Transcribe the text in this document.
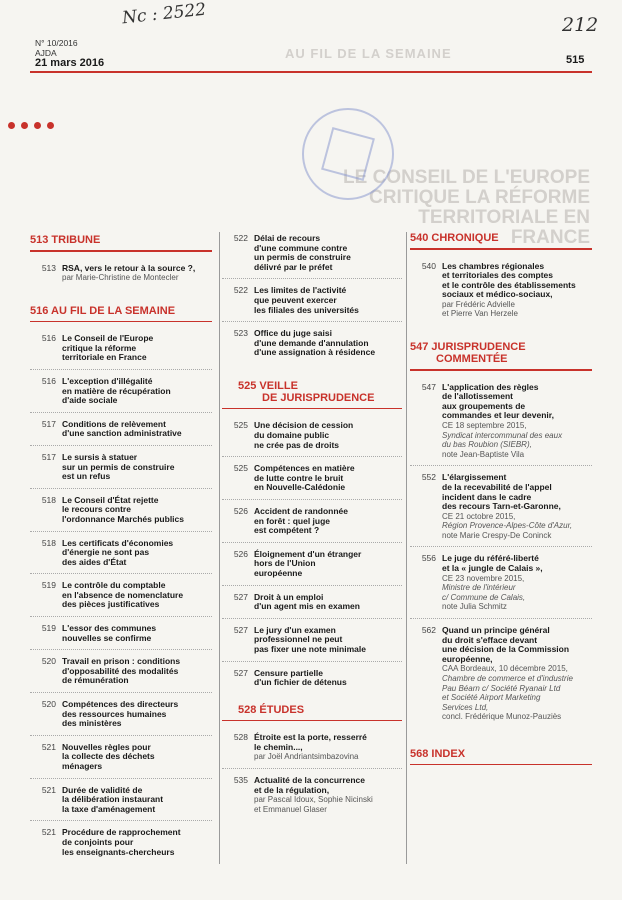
Nc : 2522	212
N° 10/2016
AJDA
21 mars 2016	515
AU FIL DE LA SEMAINE
LE CONSEIL DE L'EUROPE
CRITIQUE LA RÉFORME
TERRITORIALE EN FRANCE
513 TRIBUNE
513 RSA, vers le retour à la source ?,
par Marie-Christine de Montecler
516 AU FIL DE LA SEMAINE
516 Le Conseil de l'Europe
critique la réforme
territoriale en France
516 L'exception d'illégalité
en matière de récupération
d'aide sociale
517 Conditions de relèvement
d'une sanction administrative
517 Le sursis à statuer
sur un permis de construire
est un refus
518 Le Conseil d'État rejette
le recours contre
l'ordonnance Marchés publics
518 Les certificats d'économies
d'énergie ne sont pas
des aides d'État
519 Le contrôle du comptable
en l'absence de nomenclature
des pièces justificatives
519 L'essor des communes
nouvelles se confirme
520 Travail en prison : conditions
d'opposabilité des modalités
de rémunération
520 Compétences des directeurs
des ressources humaines
des ministères
521 Nouvelles règles pour
la collecte des déchets
ménagers
521 Durée de validité de
la délibération instaurant
la taxe d'aménagement
521 Procédure de rapprochement
de conjoints pour
les enseignants-chercheurs
522 Délai de recours
d'une commune contre
un permis de construire
délivré par le préfet
522 Les limites de l'activité
que peuvent exercer
les filiales des universités
523 Office du juge saisi
d'une demande d'annulation
d'une assignation à résidence
525 VEILLE
DE JURISPRUDENCE
525 Une décision de cession
du domaine public
ne crée pas de droits
525 Compétences en matière
de lutte contre le bruit
en Nouvelle-Calédonie
526 Accident de randonnée
en forêt : quel juge
est compétent ?
526 Éloignement d'un étranger
hors de l'Union
européenne
527 Droit à un emploi
d'un agent mis en examen
527 Le jury d'un examen
professionnel ne peut
pas fixer une note minimale
527 Censure partielle
d'un fichier de détenus
528 ÉTUDES
528 Étroite est la porte, resserré
le chemin...,
par Joël Andriantsimbazovina
535 Actualité de la concurrence
et de la régulation,
par Pascal Idoux, Sophie Nicinski
et Emmanuel Glaser
540 CHRONIQUE
540 Les chambres régionales
et territoriales des comptes
et le contrôle des établissements
sociaux et médico-sociaux,
par Frédéric Advielle
et Pierre Van Herzele
547 JURISPRUDENCE
COMMENTÉE
547 L'application des règles
de l'allotissement
aux groupements de
commandes et leur devenir,
CE 18 septembre 2015,
Syndicat intercommunal des eaux
du bas Roubion (SIEBR),
note Jean-Baptiste Vila
552 L'élargissement
de la recevabilité de l'appel
incident dans le cadre
des recours Tarn-et-Garonne,
CE 21 octobre 2015,
Région Provence-Alpes-Côte d'Azur,
note Marie Crespy-De Coninck
556 Le juge du référé-liberté
et la « jungle de Calais »,
CE 23 novembre 2015,
Ministre de l'intérieur
c/ Commune de Calais,
note Julia Schmitz
562 Quand un principe général
du droit s'efface devant
une décision de la Commission
européenne,
CAA Bordeaux, 10 décembre 2015,
Chambre de commerce et d'industrie
Pau Béarn c/ Société Ryanair Ltd
et Société Airport Marketing
Services Ltd,
concl. Frédérique Munoz-Pauziès
568 INDEX
